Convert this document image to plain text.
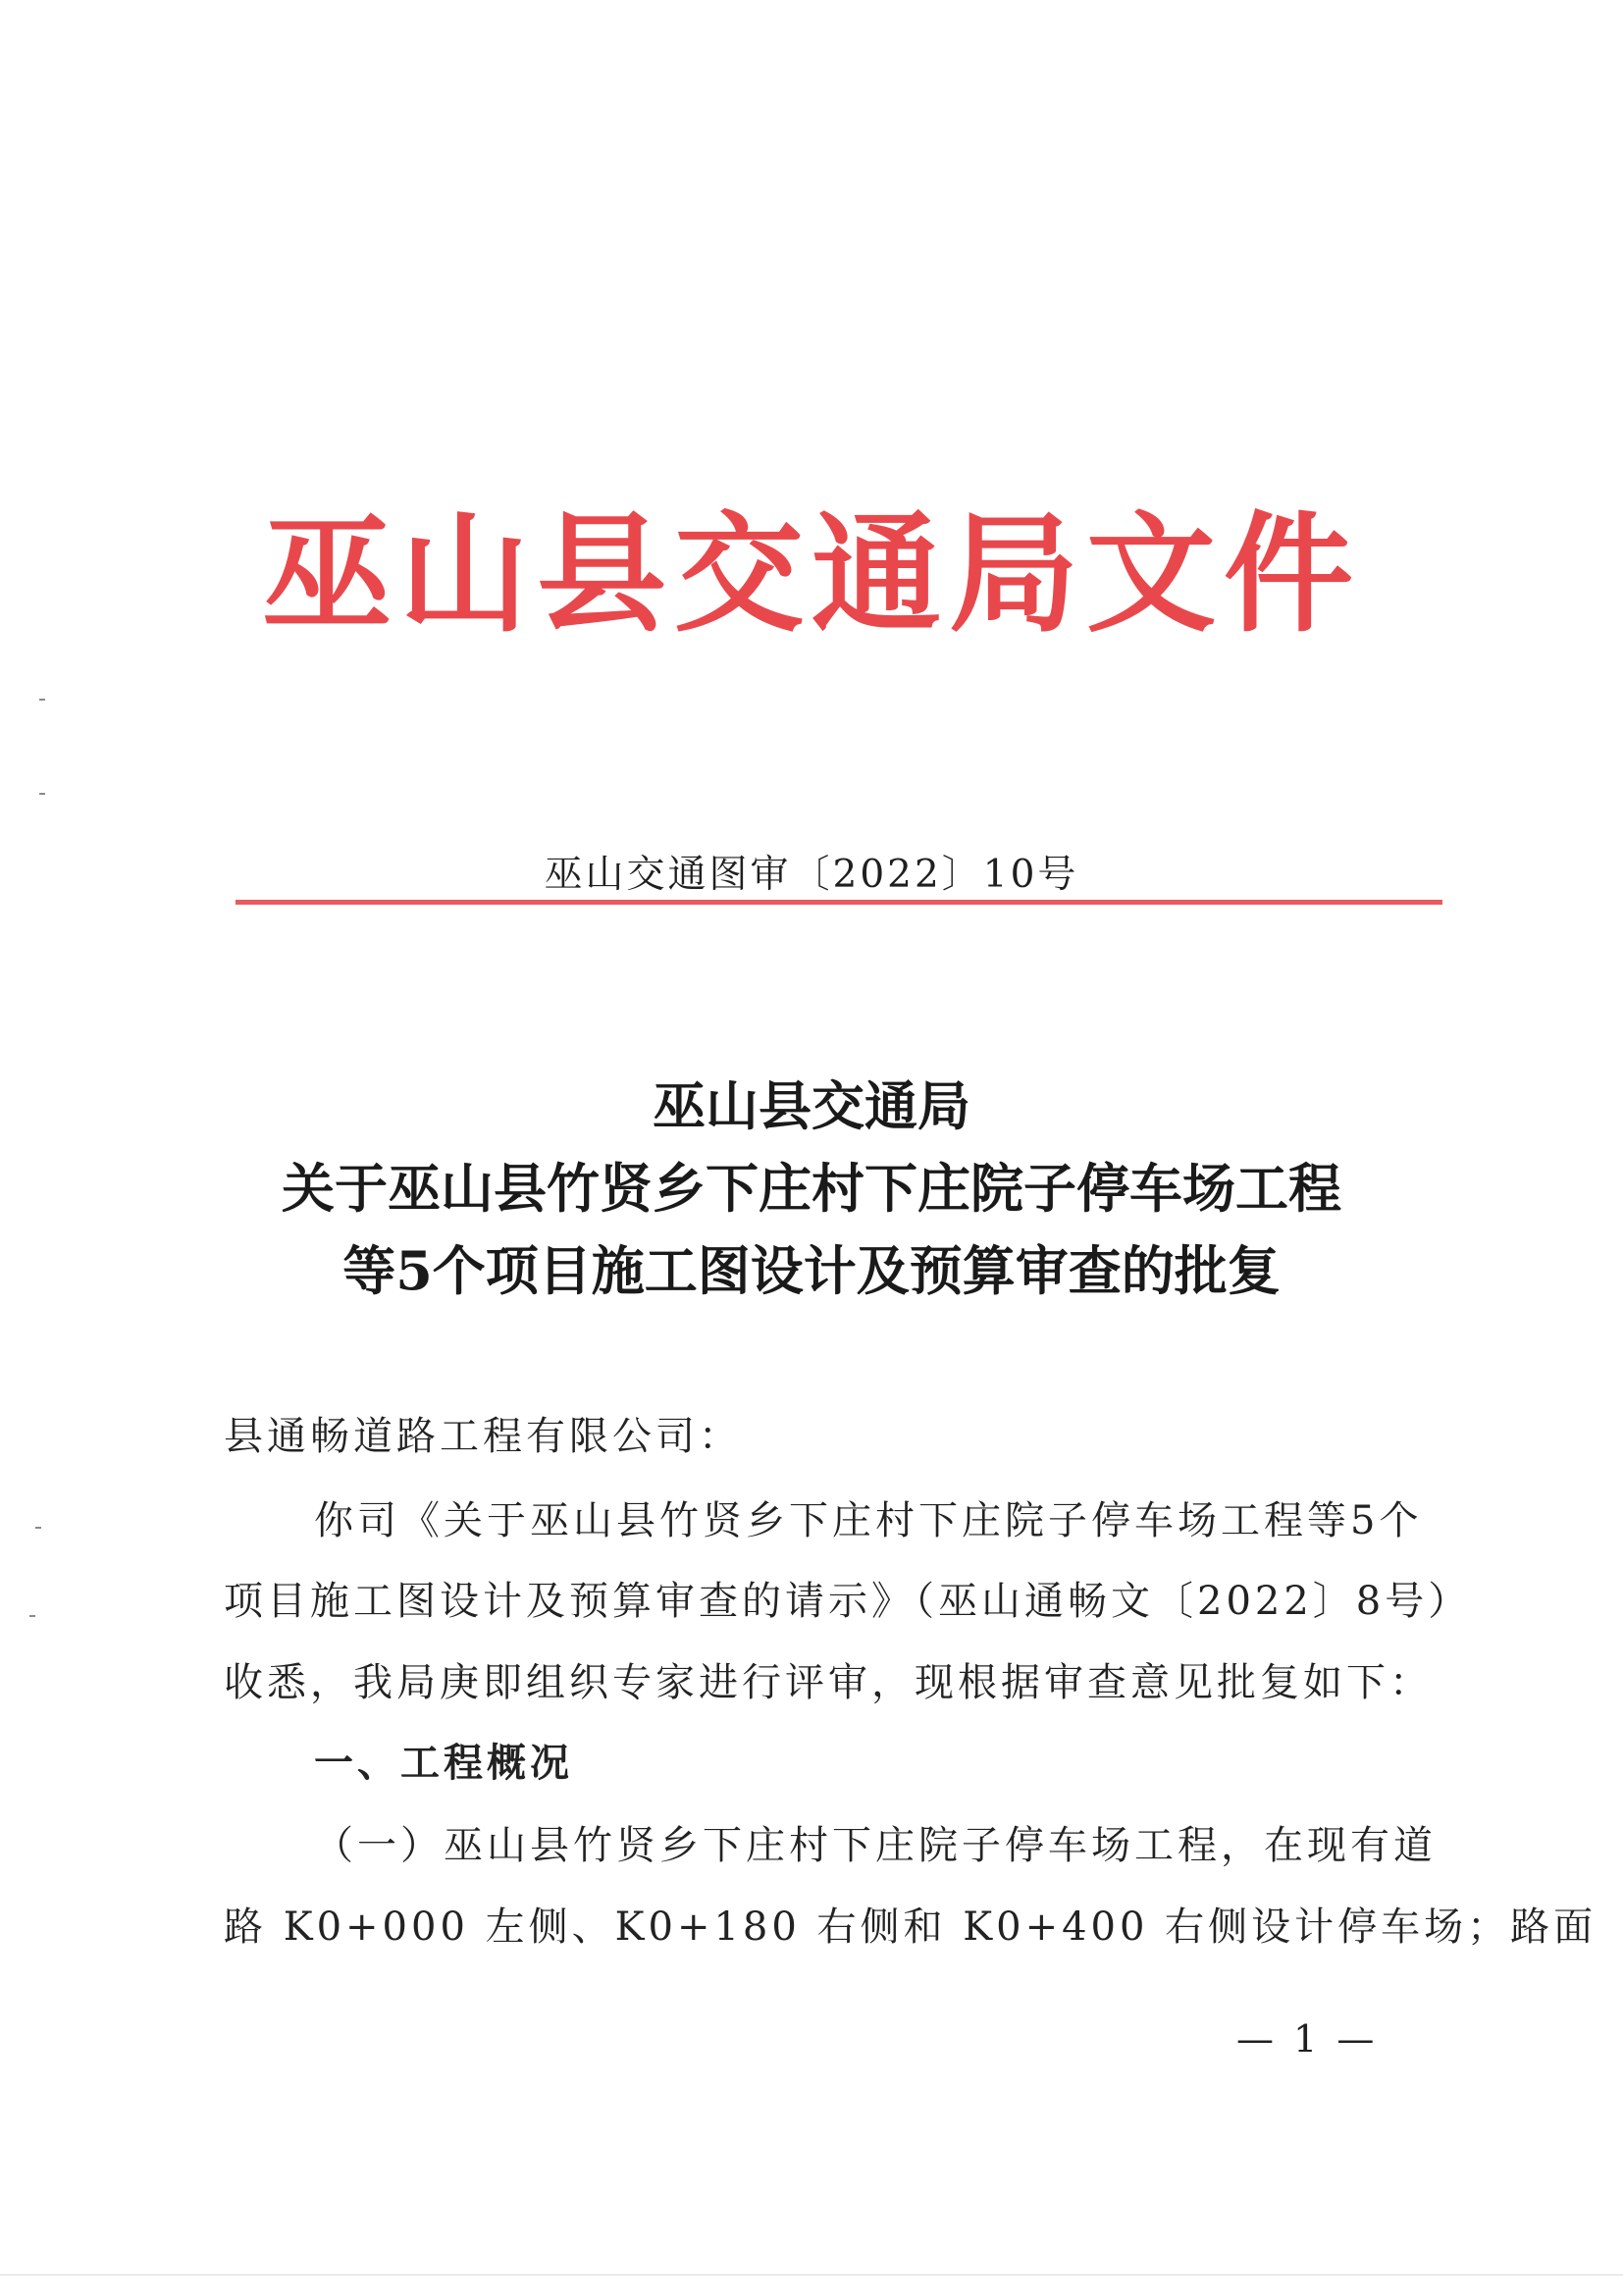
巫山县交通局文件
巫山交通图审〔2022〕10号
巫山县交通局
关于巫山县竹贤乡下庄村下庄院子停车场工程
等5个项目施工图设计及预算审查的批复
县通畅道路工程有限公司：
你司《关于巫山县竹贤乡下庄村下庄院子停车场工程等5个
项目施工图设计及预算审查的请示》（巫山通畅文〔2022〕8号）
收悉，我局庚即组织专家进行评审，现根据审查意见批复如下：
一、工程概况
（一）巫山县竹贤乡下庄村下庄院子停车场工程，在现有道
路 K0+000 左侧、K0+180 右侧和 K0+400 右侧设计停车场；路面
— 1 —
